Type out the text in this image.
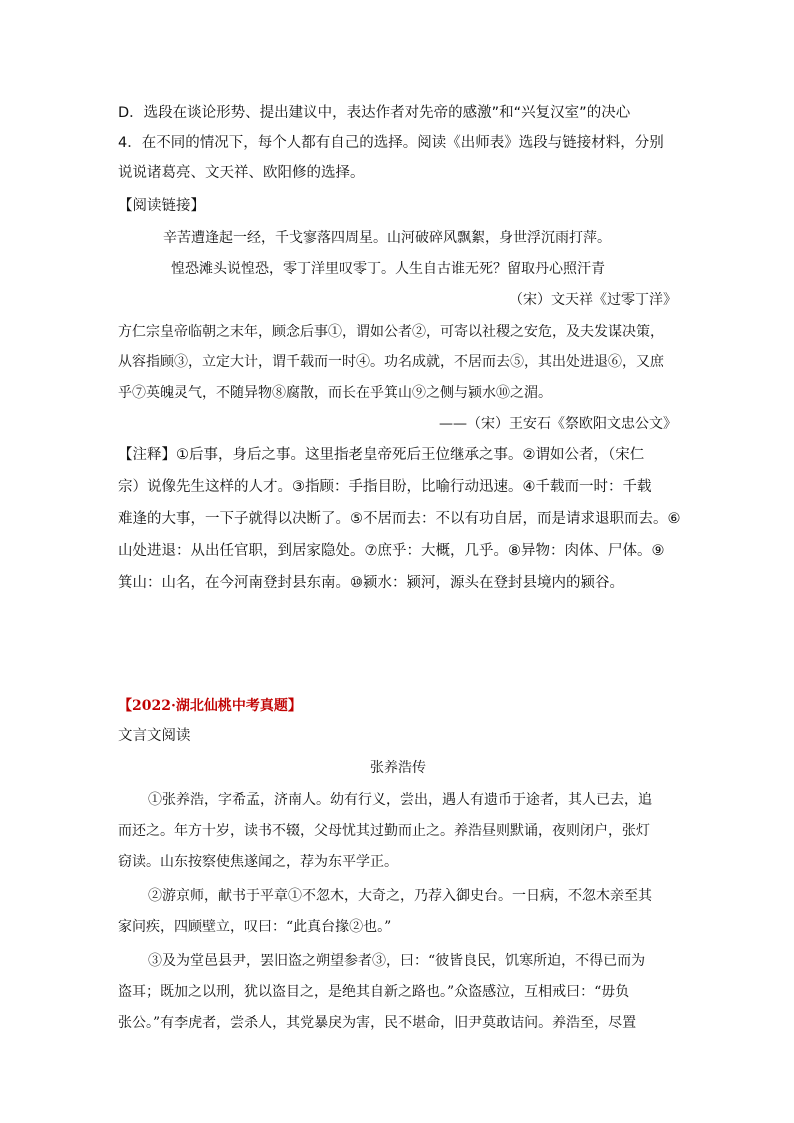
D．选段在谈论形势、提出建议中，表达作者对先帝的感激”和“兴复汉室”的决心
4．在不同的情况下，每个人都有自己的选择。阅读《出师表》选段与链接材料，分别
说说诸葛亮、文天祥、欧阳修的选择。
【阅读链接】
辛苦遭逢起一经，千戈寥落四周星。山河破碎风飘絮，身世浮沉雨打萍。
惶恐滩头说惶恐，零丁洋里叹零丁。人生自古谁无死？留取丹心照汗青
（宋）文天祥《过零丁洋》
方仁宗皇帝临朝之末年，顾念后事①，谓如公者②，可寄以社稷之安危，及夫发谋决策，
从容指顾③，立定大计，谓千载而一时④。功名成就，不居而去⑤，其出处进退⑥，又庶
乎⑦英魄灵气，不随异物⑧腐散，而长在乎箕山⑨之侧与颍水⑩之湄。
——（宋）王安石《祭欧阳文忠公文》
【注释】①后事，身后之事。这里指老皇帝死后王位继承之事。②谓如公者，（宋仁
宗）说像先生这样的人才。③指顾：手指目盼，比喻行动迅速。④千载而一时：千载
难逢的大事，一下子就得以决断了。⑤不居而去：不以有功自居，而是请求退职而去。⑥
山处进退：从出任官职，到居家隐处。⑦庶乎：大概，几乎。⑧异物：肉体、尸体。⑨
箕山：山名，在今河南登封县东南。⑩颍水：颍河，源头在登封县境内的颍谷。
【2022·湖北仙桃中考真题】
文言文阅读
张养浩传
①张养浩，字希孟，济南人。幼有行义，尝出，遇人有遗币于途者，其人已去，追
而还之。年方十岁，读书不辍，父母忧其过勤而止之。养浩昼则默诵，夜则闭户，张灯
窃读。山东按察使焦遂闻之，荐为东平学正。
②游京师，献书于平章①不忽木，大奇之，乃荐入御史台。一日病，不忽木亲至其
家问疾，四顾壁立，叹曰：“此真台掾②也。”
③及为堂邑县尹，罢旧盗之朔望参者③，曰：“彼皆良民，饥寒所迫，不得已而为
盗耳；既加之以刑，犹以盗目之，是绝其自新之路也。”众盗感泣，互相戒曰：“毋负
张公。”有李虎者，尝杀人，其党暴戾为害，民不堪命，旧尹莫敢诘问。养浩至，尽置
